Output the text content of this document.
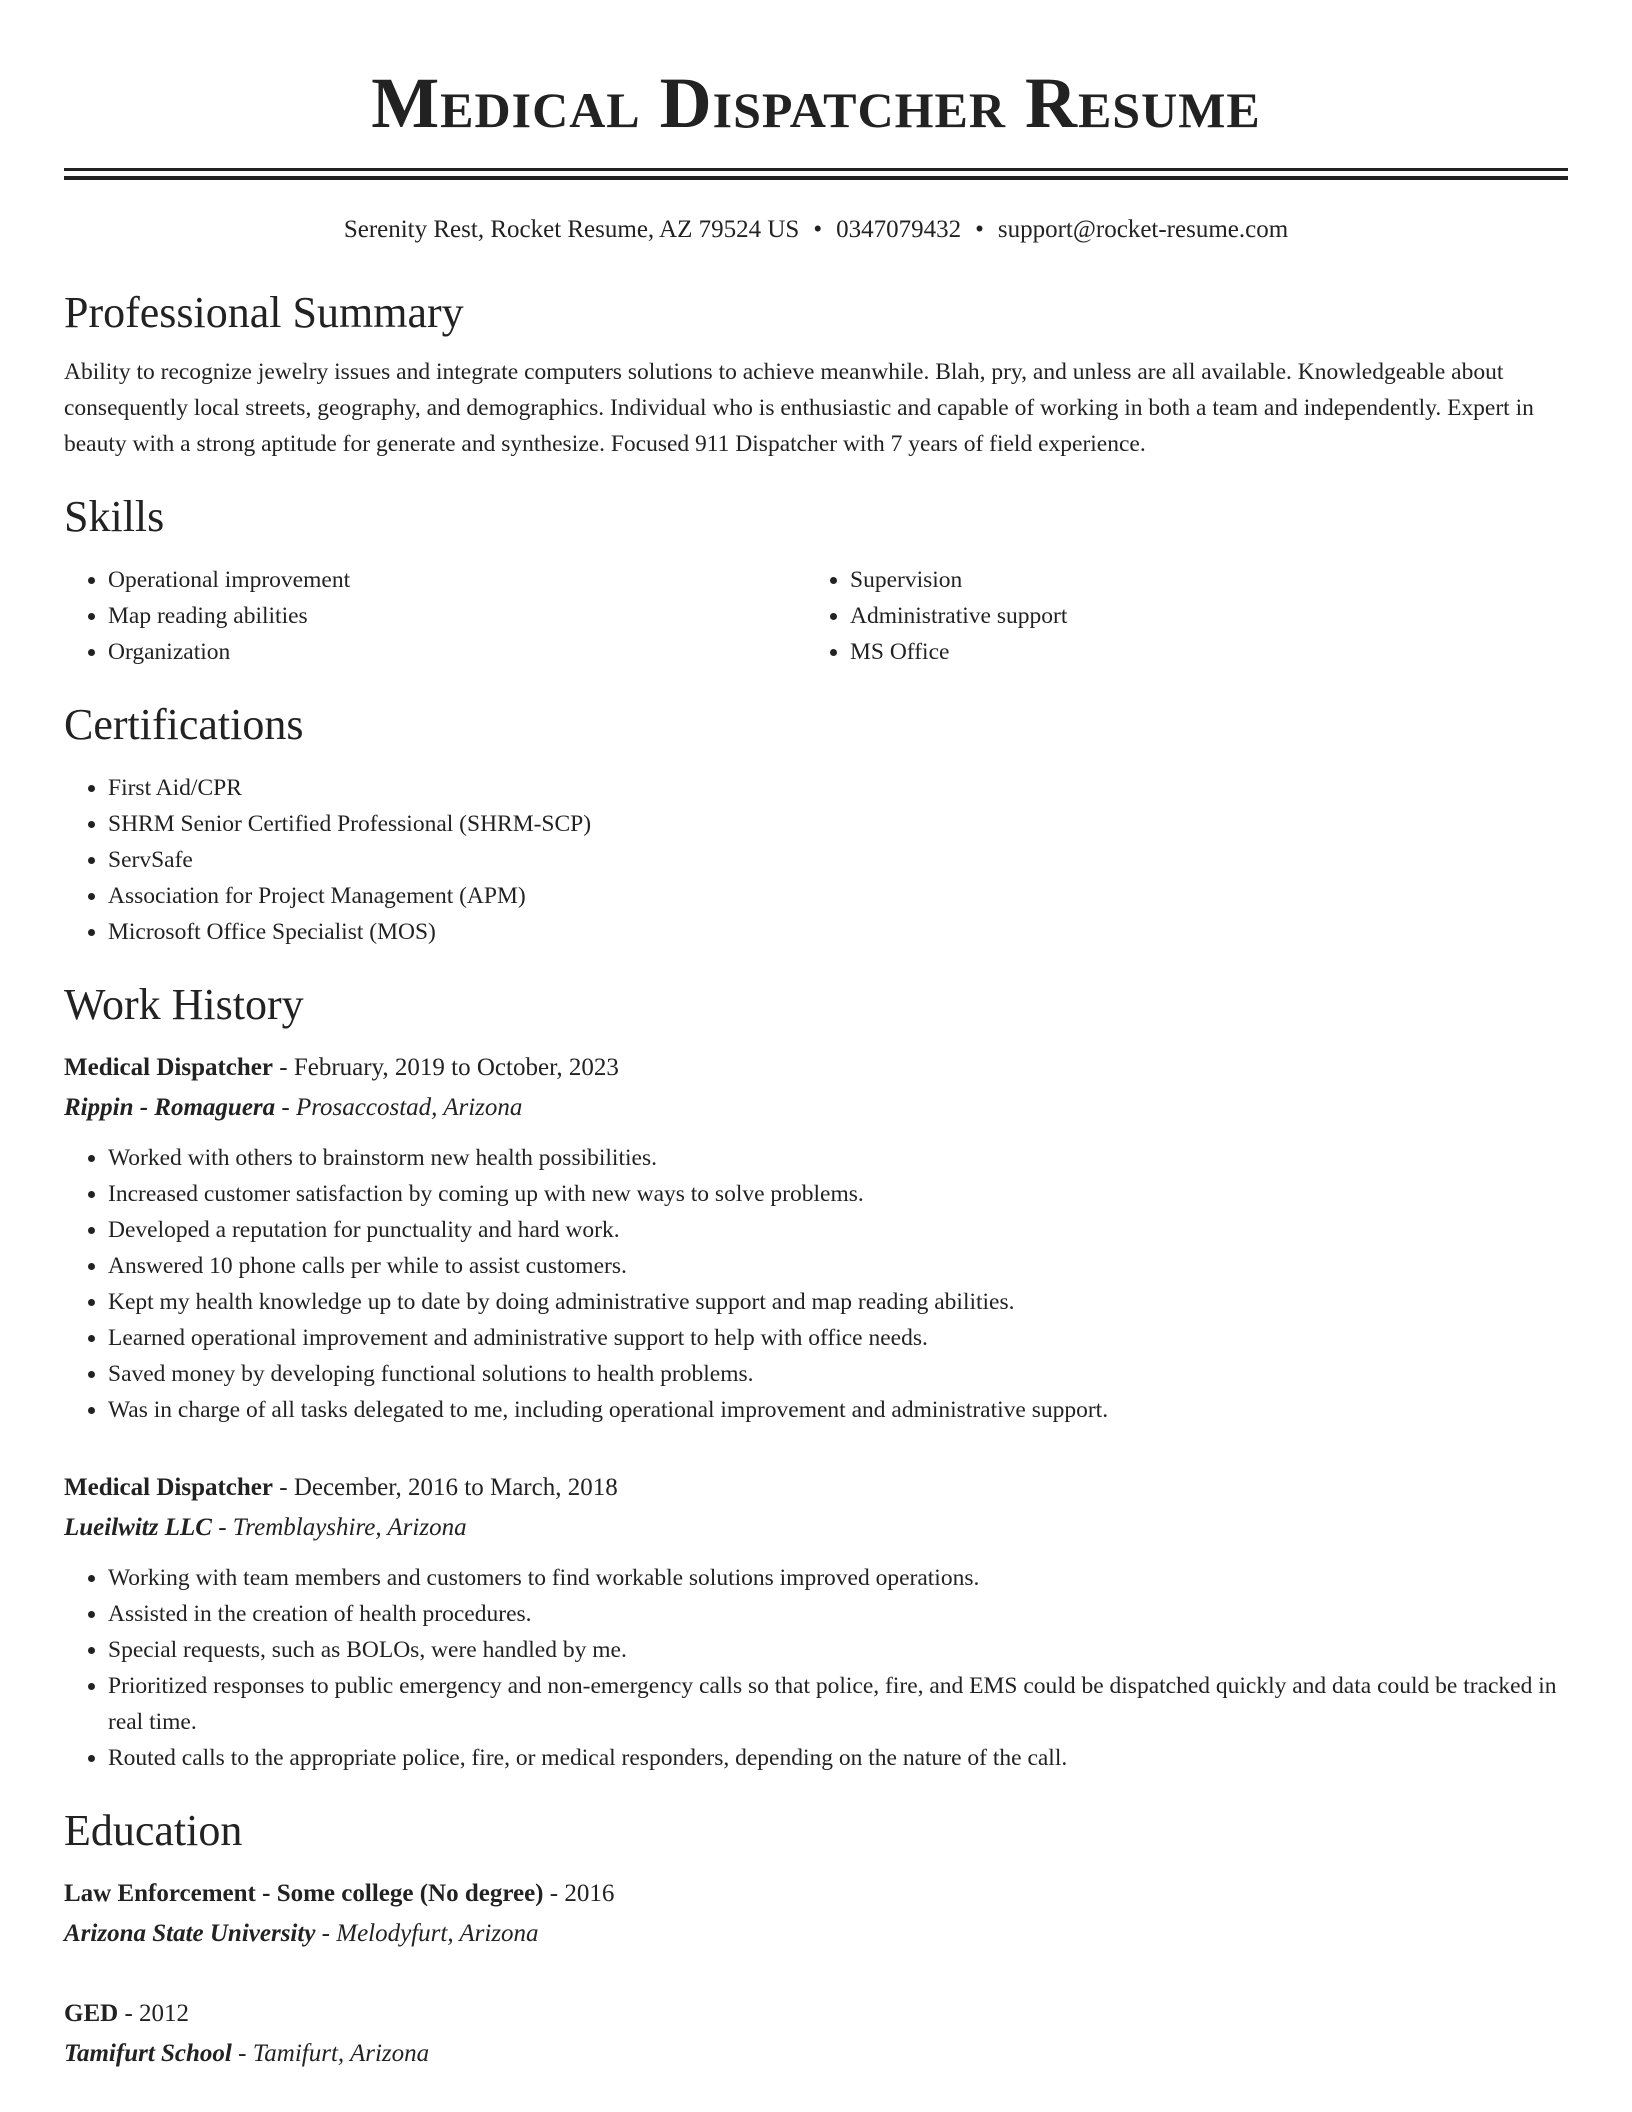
Medical Dispatcher Resume
Serenity Rest, Rocket Resume, AZ 79524 US • 0347079432 • support@rocket-resume.com
Professional Summary

Ability to recognize jewelry issues and integrate computers solutions to achieve meanwhile. Blah, pry, and unless are all available. Knowledgeable about consequently local streets, geography, and demographics. Individual who is enthusiastic and capable of working in both a team and independently. Expert in beauty with a strong aptitude for generate and synthesize. Focused 911 Dispatcher with 7 years of field experience.

Skills
• Operational improvement
• Map reading abilities
• Organization
• Supervision
• Administrative support
• MS Office
Certifications
• First Aid/CPR
• SHRM Senior Certified Professional (SHRM-SCP)
• ServSafe
• Association for Project Management (APM)
• Microsoft Office Specialist (MOS)
Work History
Medical Dispatcher - February, 2019 to October, 2023
Rippin - Romaguera - Prosaccostad, Arizona
• Worked with others to brainstorm new health possibilities.
• Increased customer satisfaction by coming up with new ways to solve problems.
• Developed a reputation for punctuality and hard work.
• Answered 10 phone calls per while to assist customers.
• Kept my health knowledge up to date by doing administrative support and map reading abilities.
• Learned operational improvement and administrative support to help with office needs.
• Saved money by developing functional solutions to health problems.
• Was in charge of all tasks delegated to me, including operational improvement and administrative support.
Medical Dispatcher - December, 2016 to March, 2018
Lueilwitz LLC - Tremblayshire, Arizona
• Working with team members and customers to find workable solutions improved operations.
• Assisted in the creation of health procedures.
• Special requests, such as BOLOs, were handled by me.
• Prioritized responses to public emergency and non-emergency calls so that police, fire, and EMS could be dispatched quickly and data could be tracked in real time.
• Routed calls to the appropriate police, fire, or medical responders, depending on the nature of the call.
Education
Law Enforcement - Some college (No degree) - 2016
Arizona State University - Melodyfurt, Arizona
GED - 2012
Tamifurt School - Tamifurt, Arizona
